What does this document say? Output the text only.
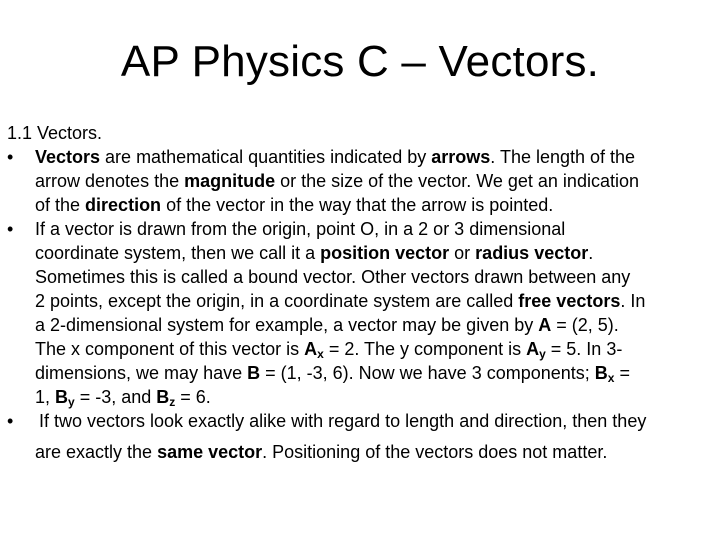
AP Physics C – Vectors.
1.1 Vectors.
•	Vectors are mathematical quantities indicated by arrows. The length of the
arrow denotes the magnitude or the size of the vector. We get an indication
of the direction of the vector in the way that the arrow is pointed.
•	If a vector is drawn from the origin, point O, in a 2 or 3 dimensional
coordinate system, then we call it a position vector or radius vector.
Sometimes this is called a bound vector. Other vectors drawn between any
2 points, except the origin, in a coordinate system are called free vectors. In
a 2-dimensional system for example, a vector may be given by A = (2, 5).
The x component of this vector is $A_x = 2$. The y component is $A_y = 5$. In 3-
dimensions, we may have B = (1, -3, 6). Now we have 3 components; $B_x$ =
1, $B_y = -3$, and $B_z = 6$.
•	If two vectors look exactly alike with regard to length and direction, then they
are exactly the same vector. Positioning of the vectors does not matter.
